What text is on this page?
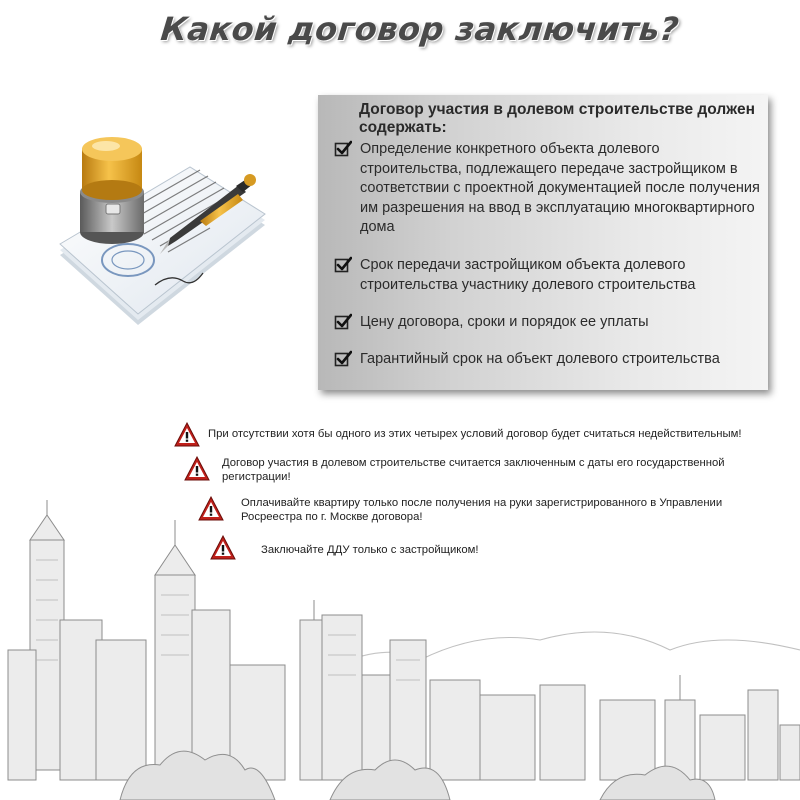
Какой договор заключить?
Договор участия в долевом строительстве должен содержать:
Определение конкретного объекта долевого строительства, подлежащего передаче застройщиком в соответствии с проектной документацией после получения им разрешения на ввод в эксплуатацию многоквартирного дома
Срок передачи застройщиком объекта долевого строительства участнику долевого строительства
Цену договора, сроки и порядок ее уплаты
Гарантийный срок на объект долевого строительства
При отсутствии хотя бы одного из этих четырех условий договор будет считаться недействительным!
Договор участия в долевом строительстве считается заключенным с даты его государственной регистрации!
Оплачивайте квартиру только после получения на руки зарегистрированного в Управлении Росреестра по г. Москве договора!
Заключайте ДДУ только с застройщиком!
